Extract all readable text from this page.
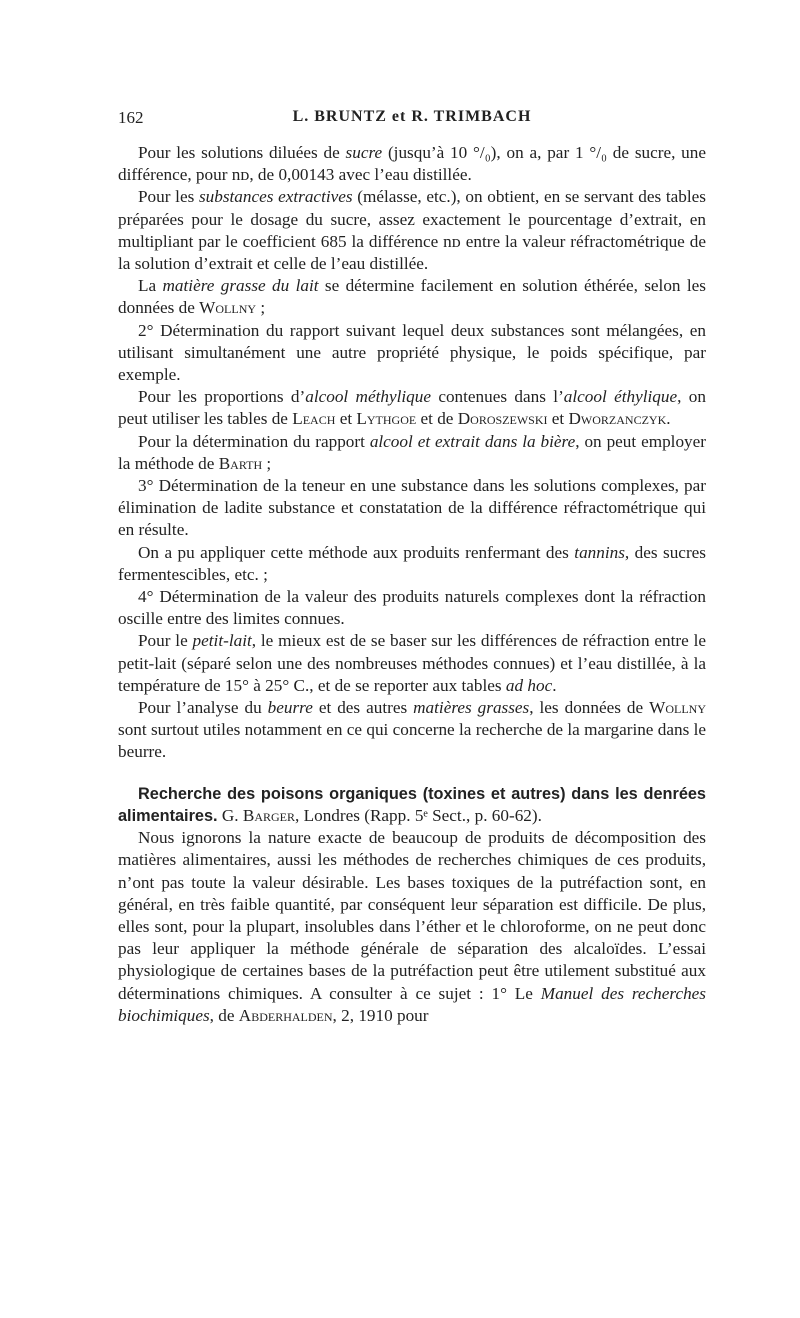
162	L. BRUNTZ et R. TRIMBACH

Pour les solutions diluées de sucre (jusqu’à 10 °/₀), on a, par 1 °/₀ de sucre, une différence, pour nᴅ, de 0,00143 avec l’eau distillée.

Pour les substances extractives (mélasse, etc.), on obtient, en se servant des tables préparées pour le dosage du sucre, assez exactement le pourcentage d’extrait, en multipliant par le coefficient 685 la différence nᴅ entre la valeur réfractométrique de la solution d’extrait et celle de l’eau distillée.

La matière grasse du lait se détermine facilement en solution éthérée, selon les données de Wollny ;

2° Détermination du rapport suivant lequel deux substances sont mélangées, en utilisant simultanément une autre propriété physique, le poids spécifique, par exemple.

Pour les proportions d’alcool méthylique contenues dans l’alcool éthylique, on peut utiliser les tables de Leach et Lythgoe et de Doroszewski et Dworzanczyk.

Pour la détermination du rapport alcool et extrait dans la bière, on peut employer la méthode de Barth ;

3° Détermination de la teneur en une substance dans les solutions complexes, par élimination de ladite substance et constatation de la différence réfractométrique qui en résulte.

On a pu appliquer cette méthode aux produits renfermant des tannins, des sucres fermentescibles, etc. ;

4° Détermination de la valeur des produits naturels complexes dont la réfraction oscille entre des limites connues.

Pour le petit-lait, le mieux est de se baser sur les différences de réfraction entre le petit-lait (séparé selon une des nombreuses méthodes connues) et l’eau distillée, à la température de 15° à 25° C., et de se reporter aux tables ad hoc.

Pour l’analyse du beurre et des autres matières grasses, les données de Wollny sont surtout utiles notamment en ce qui concerne la recherche de la margarine dans le beurre.

Recherche des poisons organiques (toxines et autres) dans les denrées alimentaires. G. Barger, Londres (Rapp. 5ᵉ Sect., p. 60-62).

Nous ignorons la nature exacte de beaucoup de produits de décomposition des matières alimentaires, aussi les méthodes de recherches chimiques de ces produits, n’ont pas toute la valeur désirable. Les bases toxiques de la putréfaction sont, en général, en très faible quantité, par conséquent leur séparation est difficile. De plus, elles sont, pour la plupart, insolubles dans l’éther et le chloroforme, on ne peut donc pas leur appliquer la méthode générale de séparation des alcaloïdes. L’essai physiologique de certaines bases de la putréfaction peut être utilement substitué aux déterminations chimiques. A consulter à ce sujet : 1° Le Manuel des recherches biochimiques, de Abderhalden, 2, 1910 pour
